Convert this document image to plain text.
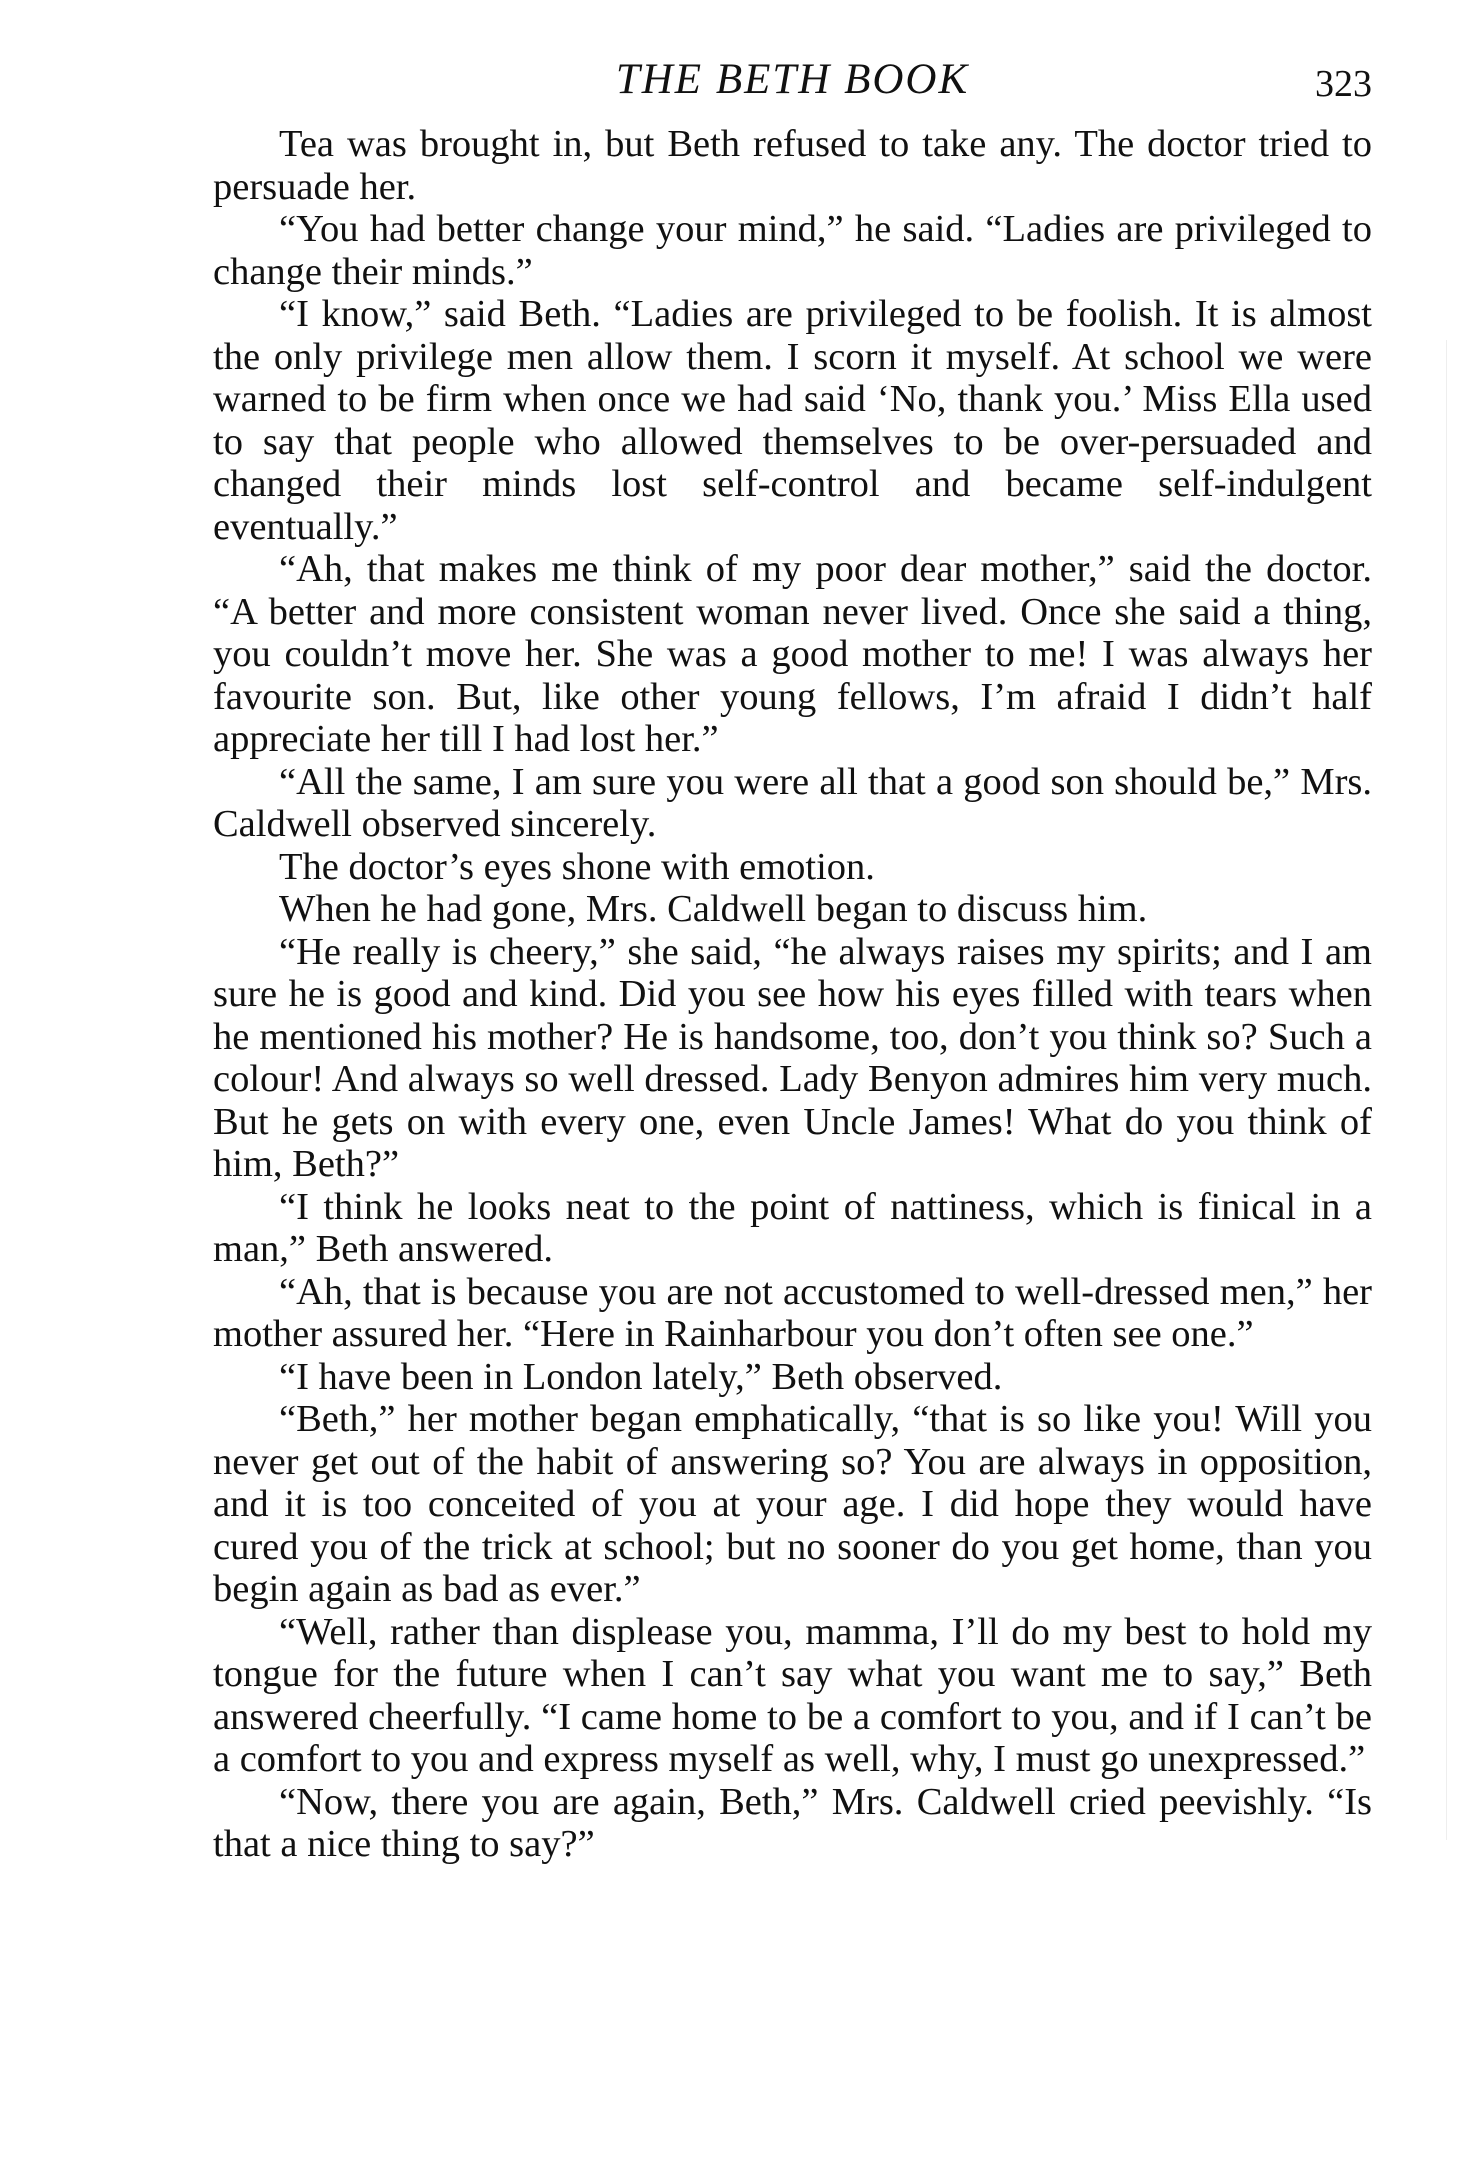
THE BETH BOOK	323

Tea was brought in, but Beth refused to take any. The doctor tried to persuade her.

“You had better change your mind,” he said. “Ladies are privileged to change their minds.”

“I know,” said Beth. “Ladies are privileged to be foolish. It is almost the only privilege men allow them. I scorn it myself. At school we were warned to be firm when once we had said ‘No, thank you.’ Miss Ella used to say that people who allowed themselves to be over-persuaded and changed their minds lost self-control and became self-indulgent eventually.”

“Ah, that makes me think of my poor dear mother,” said the doctor. “A better and more consistent woman never lived. Once she said a thing, you couldn’t move her. She was a good mother to me! I was always her favourite son. But, like other young fellows, I’m afraid I didn’t half appreciate her till I had lost her.”

“All the same, I am sure you were all that a good son should be,” Mrs. Caldwell observed sincerely.

The doctor’s eyes shone with emotion.

When he had gone, Mrs. Caldwell began to discuss him.

“He really is cheery,” she said, “he always raises my spirits; and I am sure he is good and kind. Did you see how his eyes filled with tears when he mentioned his mother? He is handsome, too, don’t you think so? Such a colour! And always so well dressed. Lady Benyon admires him very much. But he gets on with every one, even Uncle James! What do you think of him, Beth?”

“I think he looks neat to the point of nattiness, which is finical in a man,” Beth answered.

“Ah, that is because you are not accustomed to well-dressed men,” her mother assured her. “Here in Rainharbour you don’t often see one.”

“I have been in London lately,” Beth observed.

“Beth,” her mother began emphatically, “that is so like you! Will you never get out of the habit of answering so? You are always in opposition, and it is too conceited of you at your age. I did hope they would have cured you of the trick at school; but no sooner do you get home, than you begin again as bad as ever.”

“Well, rather than displease you, mamma, I’ll do my best to hold my tongue for the future when I can’t say what you want me to say,” Beth answered cheerfully. “I came home to be a comfort to you, and if I can’t be a comfort to you and express myself as well, why, I must go unexpressed.”

“Now, there you are again, Beth,” Mrs. Caldwell cried peevishly. “Is that a nice thing to say?”
